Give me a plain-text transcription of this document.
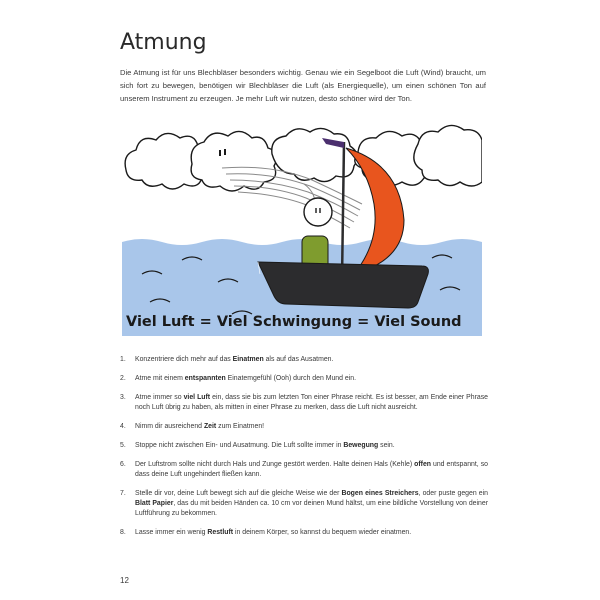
Atmung

Die Atmung ist für uns Blechbläser besonders wichtig. Genau wie ein Segelboot die Luft (Wind) braucht, um sich fort zu bewegen, benötigen wir Blechbläser die Luft (als Energiequelle), um einen schönen Ton auf unserem Instrument zu erzeugen. Je mehr Luft wir nutzen, desto schöner wird der Ton.

Viel Luft = Viel Schwingung = Viel Sound
1. Konzentriere dich mehr auf das Einatmen als auf das Ausatmen.
2. Atme mit einem entspannten Einatemgefühl (Ooh) durch den Mund ein.
3. Atme immer so viel Luft ein, dass sie bis zum letzten Ton einer Phrase reicht. Es ist besser, am Ende einer Phrase noch Luft übrig zu haben, als mitten in einer Phrase zu merken, dass die Luft nicht ausreicht.
4. Nimm dir ausreichend Zeit zum Einatmen!
5. Stoppe nicht zwischen Ein- und Ausatmung. Die Luft sollte immer in Bewegung sein.
6. Der Luftstrom sollte nicht durch Hals und Zunge gestört werden. Halte deinen Hals (Kehle) offen und entspannt, so dass deine Luft ungehindert fließen kann.
7. Stelle dir vor, deine Luft bewegt sich auf die gleiche Weise wie der Bogen eines Streichers, oder puste gegen ein Blatt Papier, das du mit beiden Händen ca. 10 cm vor deinen Mund hältst, um eine bildliche Vorstellung von deiner Luftführung zu bekommen.
8. Lasse immer ein wenig Restluft in deinem Körper, so kannst du bequem wieder einatmen.
12
